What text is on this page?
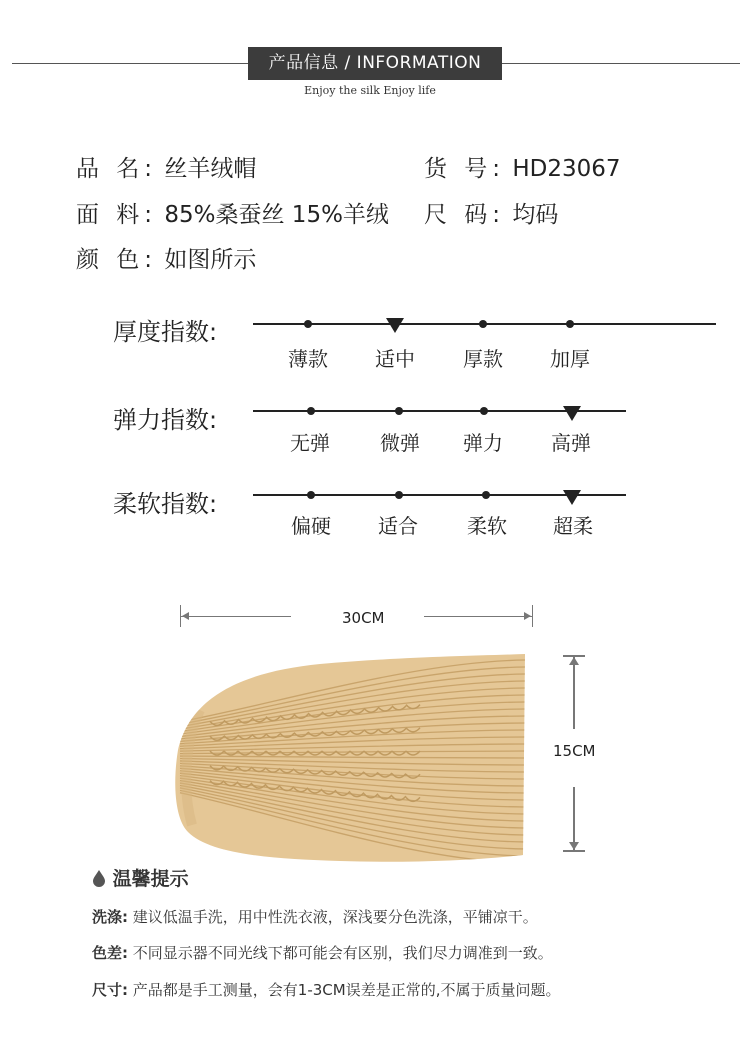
产品信息 / INFORMATION
Enjoy the silk Enjoy life
品 名: 丝羊绒帽	货 号: HD23067
面 料: 85%桑蚕丝 15%羊绒 尺 码: 均码
颜 色: 如图所示
厚度指数:
薄款	适中	厚款	加厚
弹力指数:
无弹	微弹	弹力	高弹
柔软指数:
偏硬	适合	柔软	超柔
30CM
15CM
温馨提示
洗涤: 建议低温手洗，用中性洗衣液，深浅要分色洗涤，平铺凉干。
色差: 不同显示器不同光线下都可能会有区别，我们尽力调准到一致。
尺寸: 产品都是手工测量，会有1-3CM误差是正常的,不属于质量问题。
